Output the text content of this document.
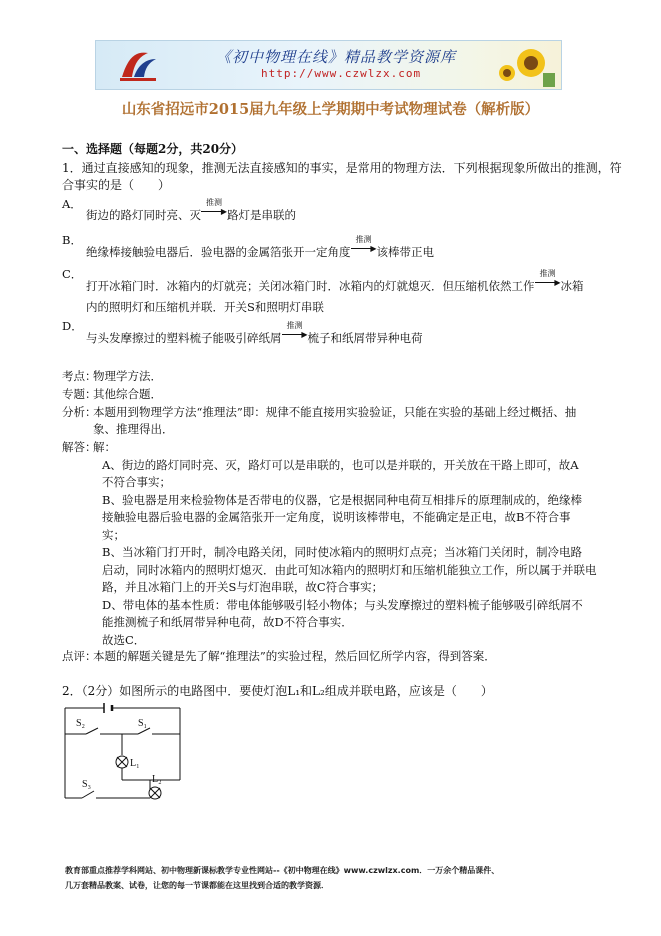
《初中物理在线》精品教学资源库
http://www.czwlzx.com
山东省招远市2015届九年级上学期期中考试物理试卷（解析版）
一、选择题（每题2分，共20分）
1．通过直接感知的现象，推测无法直接感知的事实，是常用的物理方法．下列根据现象所做出的推测，符合事实的是（　　）
A．
街边的路灯同时亮、灭
推测
▶ 路灯是串联的
B．
绝缘棒接触验电器后．验电器的金属箔张开一定角度
推测
▶ 该棒带正电
C．
打开冰箱门时．冰箱内的灯就亮；关闭冰箱门时．冰箱内的灯就熄灭．但压缩机依然工作
推测
▶ 冰箱
内的照明灯和压缩机并联．开关S和照明灯串联
D．
与头发摩擦过的塑料梳子能吸引碎纸屑
推测
▶ 梳子和纸屑带异种电荷
考点：
物理学方法．
专题：
其他综合题．
分析：
本题用到物理学方法“推理法”即：规律不能直接用实验验证，只能在实验的基础上经过概括、抽
象、推理得出．
解答：
解：
A、街边的路灯同时亮、灭，路灯可以是串联的，也可以是并联的，开关放在干路上即可，故A
不符合事实；
B、验电器是用来检验物体是否带电的仪器，它是根据同种电荷互相排斥的原理制成的，绝缘棒
接触验电器后验电器的金属箔张开一定角度，说明该棒带电，不能确定是正电，故B不符合事
实；
B、当冰箱门打开时，制冷电路关闭，同时使冰箱内的照明灯点亮；当冰箱门关闭时，制冷电路
启动，同时冰箱内的照明灯熄灭．由此可知冰箱内的照明灯和压缩机能独立工作，所以属于并联电
路，并且冰箱门上的开关S与灯泡串联，故C符合事实；
D、带电体的基本性质：带电体能够吸引轻小物体；与头发摩擦过的塑料梳子能够吸引碎纸屑不
能推测梳子和纸屑带异种电荷，故D不符合事实．
故选C．
点评：
本题的解题关键是先了解“推理法”的实验过程，然后回忆所学内容，得到答案．
2．（2分）如图所示的电路图中．要使灯泡L₁和L₂组成并联电路，应该是（　　）
S₂	S₁
L₁
S₃	L₂
教育部重点推荐学科网站、初中物理新课标教学专业性网站--《初中物理在线》www.czwlzx.com．一万余个精品课件、
几万套精品教案、试卷，让您的每一节课都能在这里找到合适的教学资源．
